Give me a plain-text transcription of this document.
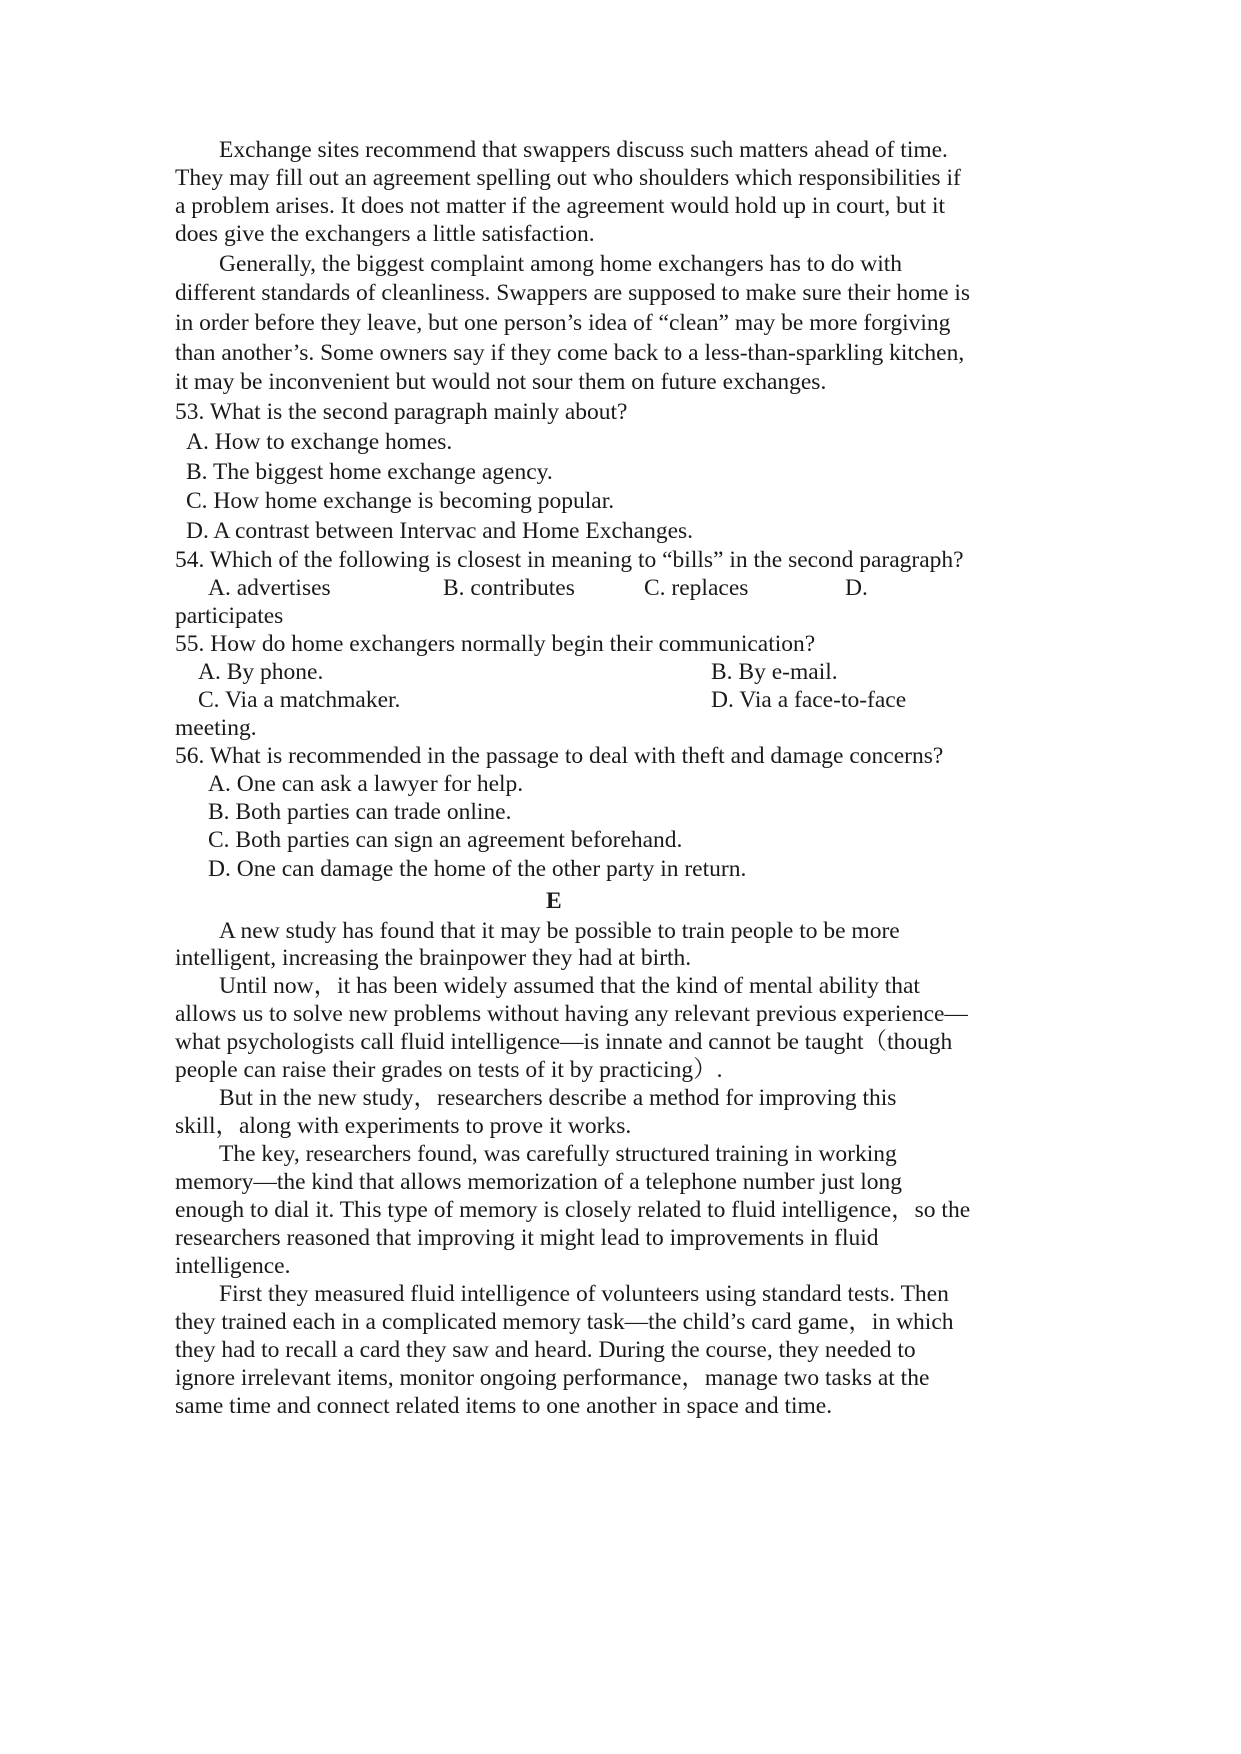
Exchange sites recommend that swappers discuss such matters ahead of time.
They may fill out an agreement spelling out who shoulders which responsibilities if
a problem arises. It does not matter if the agreement would hold up in court, but it
does give the exchangers a little satisfaction.
Generally, the biggest complaint among home exchangers has to do with
different standards of cleanliness. Swappers are supposed to make sure their home is
in order before they leave, but one person’s idea of “clean” may be more forgiving
than another’s. Some owners say if they come back to a less-than-sparkling kitchen,
it may be inconvenient but would not sour them on future exchanges.
53. What is the second paragraph mainly about?
A. How to exchange homes.
B. The biggest home exchange agency.
C. How home exchange is becoming popular.
D. A contrast between Intervac and Home Exchanges.
54. Which of the following is closest in meaning to “bills” in the second paragraph?
A. advertises	B. contributes	C. replaces	D.
participates
55. How do home exchangers normally begin their communication?
A. By phone.	B. By e-mail.
C. Via a matchmaker.	D. Via a face-to-face
meeting.
56. What is recommended in the passage to deal with theft and damage concerns?
A. One can ask a lawyer for help.
B. Both parties can trade online.
C. Both parties can sign an agreement beforehand.
D. One can damage the home of the other party in return.
E
A new study has found that it may be possible to train people to be more
intelligent, increasing the brainpower they had at birth.
Until now，it has been widely assumed that the kind of mental ability that
allows us to solve new problems without having any relevant previous experience—
what psychologists call fluid intelligence—is innate and cannot be taught（though
people can raise their grades on tests of it by practicing）.
But in the new study，researchers describe a method for improving this
skill，along with experiments to prove it works.
The key, researchers found, was carefully structured training in working
memory—the kind that allows memorization of a telephone number just long
enough to dial it. This type of memory is closely related to fluid intelligence，so the
researchers reasoned that improving it might lead to improvements in fluid
intelligence.
First they measured fluid intelligence of volunteers using standard tests. Then
they trained each in a complicated memory task—the child’s card game，in which
they had to recall a card they saw and heard. During the course, they needed to
ignore irrelevant items, monitor ongoing performance，manage two tasks at the
same time and connect related items to one another in space and time.
